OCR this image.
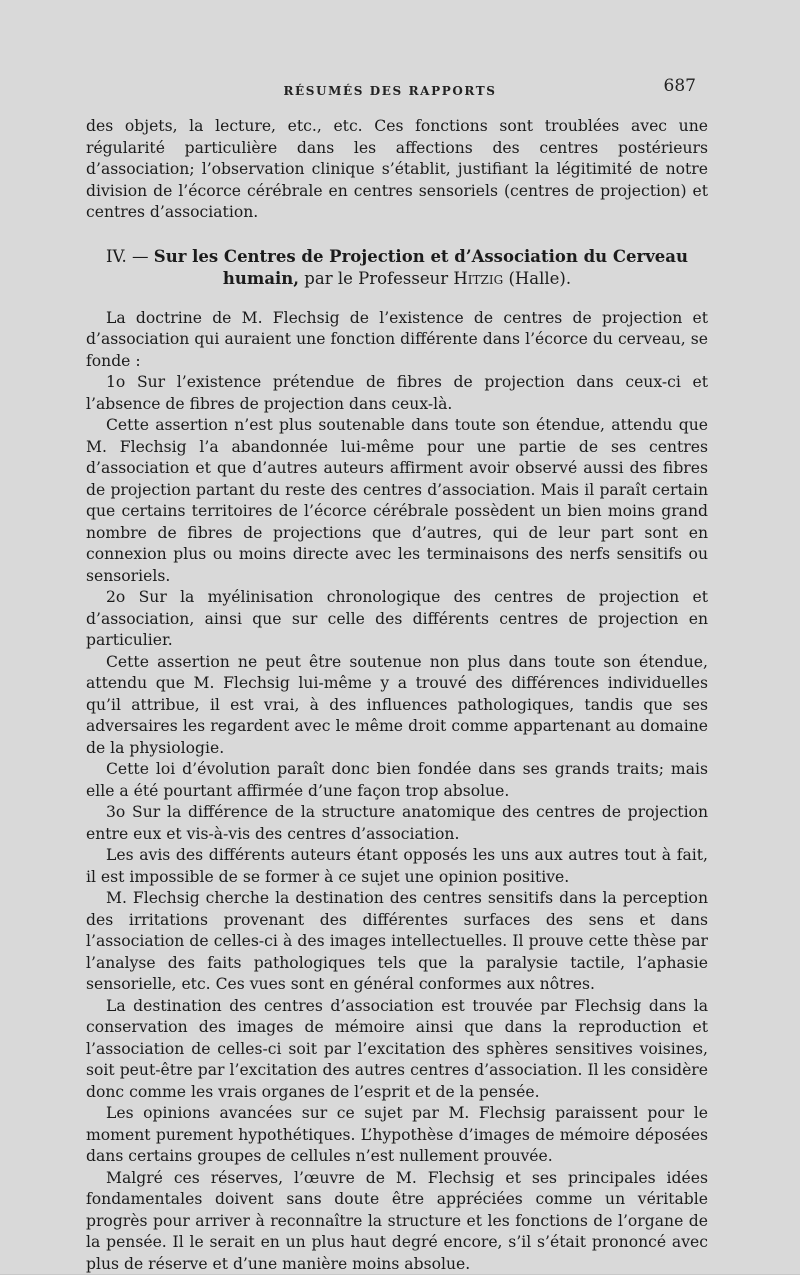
RÉSUMÉS DES RAPPORTS	687

des objets, la lecture, etc., etc. Ces fonctions sont troublées avec une régularité particulière dans les affections des centres postérieurs d’association; l’observation clinique s’établit, justifiant la légitimité de notre division de l’écorce cérébrale en centres sensoriels (centres de projection) et centres d’association.

IV. — Sur les Centres de Projection et d’Association du Cerveau humain, par le Professeur Hitzig (Halle).

La doctrine de M. Flechsig de l’existence de centres de projection et d’association qui auraient une fonction différente dans l’écorce du cerveau, se fonde :

1o Sur l’existence prétendue de fibres de projection dans ceux-ci et l’absence de fibres de projection dans ceux-là.

Cette assertion n’est plus soutenable dans toute son étendue, attendu que M. Flechsig l’a abandonnée lui-même pour une partie de ses centres d’association et que d’autres auteurs affirment avoir observé aussi des fibres de projection partant du reste des centres d’association. Mais il paraît certain que certains territoires de l’écorce cérébrale possèdent un bien moins grand nombre de fibres de projections que d’autres, qui de leur part sont en connexion plus ou moins directe avec les terminaisons des nerfs sensitifs ou sensoriels.

2o Sur la myélinisation chronologique des centres de projection et d’association, ainsi que sur celle des différents centres de projection en particulier.

Cette assertion ne peut être soutenue non plus dans toute son étendue, attendu que M. Flechsig lui-même y a trouvé des différences individuelles qu’il attribue, il est vrai, à des influences pathologiques, tandis que ses adversaires les regardent avec le même droit comme appartenant au domaine de la physiologie.

Cette loi d’évolution paraît donc bien fondée dans ses grands traits; mais elle a été pourtant affirmée d’une façon trop absolue.

3o Sur la différence de la structure anatomique des centres de projection entre eux et vis-à-vis des centres d’association.

Les avis des différents auteurs étant opposés les uns aux autres tout à fait, il est impossible de se former à ce sujet une opinion positive.

M. Flechsig cherche la destination des centres sensitifs dans la perception des irritations provenant des différentes surfaces des sens et dans l’association de celles-ci à des images intellectuelles. Il prouve cette thèse par l’analyse des faits pathologiques tels que la paralysie tactile, l’aphasie sensorielle, etc. Ces vues sont en général conformes aux nôtres.

La destination des centres d’association est trouvée par Flechsig dans la conservation des images de mémoire ainsi que dans la reproduction et l’association de celles-ci soit par l’excitation des sphères sensitives voisines, soit peut-être par l’excitation des autres centres d’association. Il les considère donc comme les vrais organes de l’esprit et de la pensée.

Les opinions avancées sur ce sujet par M. Flechsig paraissent pour le moment purement hypothétiques. L’hypothèse d’images de mémoire déposées dans certains groupes de cellules n’est nullement prouvée.

Malgré ces réserves, l’œuvre de M. Flechsig et ses principales idées fondamentales doivent sans doute être appréciées comme un véritable progrès pour arriver à reconnaître la structure et les fonctions de l’organe de la pensée. Il le serait en un plus haut degré encore, s’il s’était prononcé avec plus de réserve et d’une manière moins absolue.
